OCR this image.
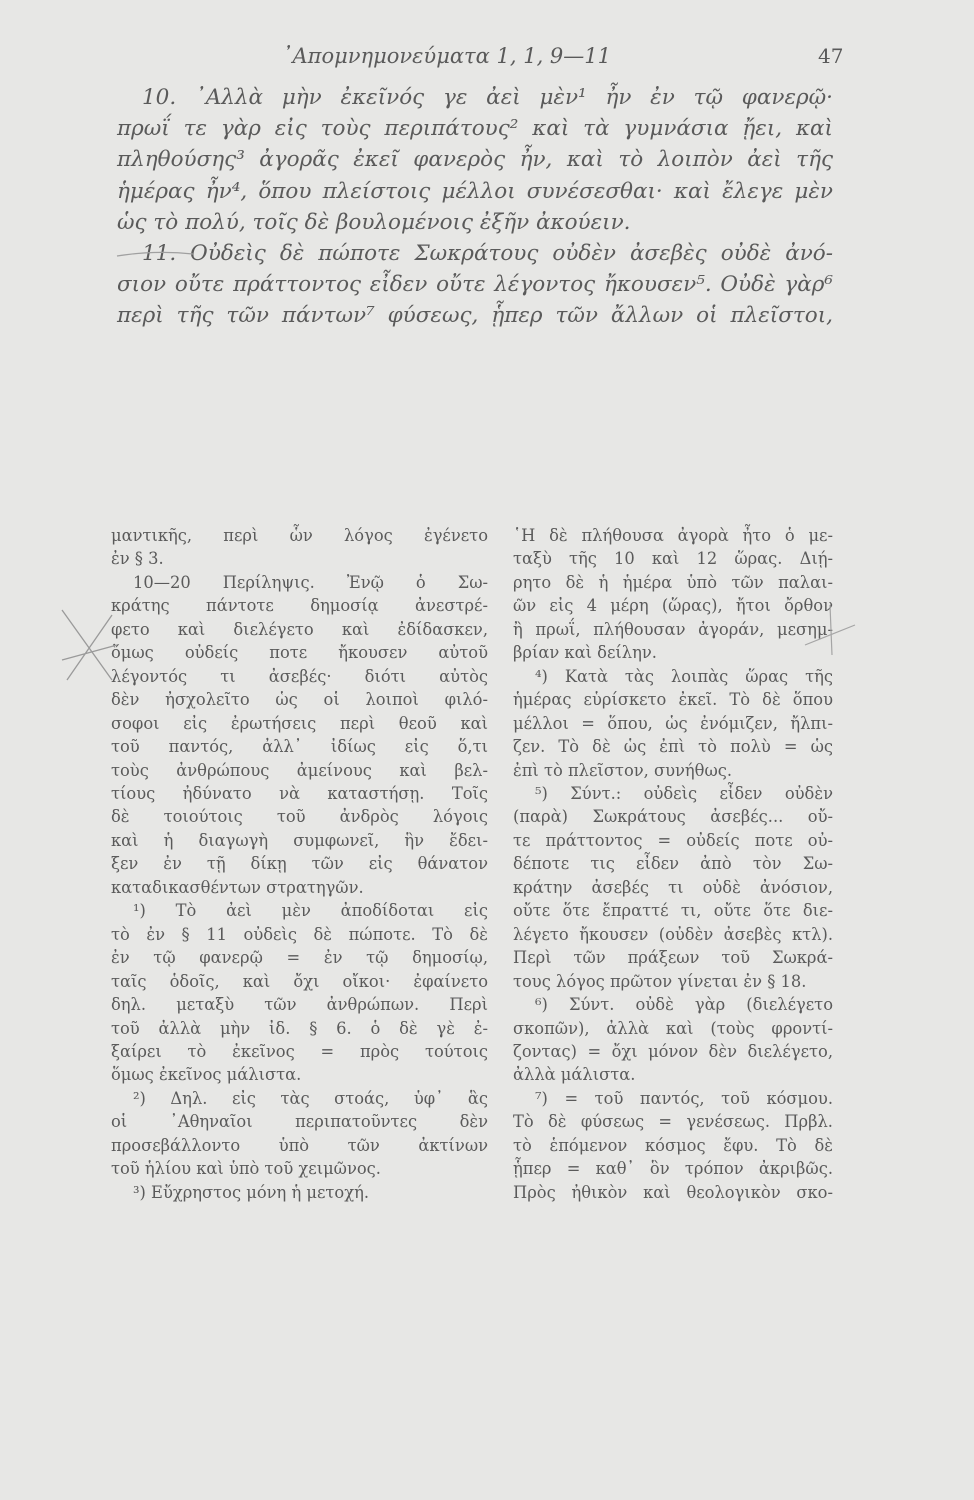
᾿Απομνημονεύματα 1, 1, 9—11	47
10. ᾿Αλλὰ μὴν ἐκεῖνός γε ἀεὶ μὲν¹ ἦν ἐν τῷ φανερῷ·
πρωΐ τε γὰρ εἰς τοὺς περιπάτους² καὶ τὰ γυμνάσια ᾔει, καὶ
πληθούσης³ ἀγορᾶς ἐκεῖ φανερὸς ἦν, καὶ τὸ λοιπὸν ἀεὶ τῆς
ἡμέρας ἦν⁴, ὅπου πλείστοις μέλλοι συνέσεσθαι· καὶ ἔλεγε μὲν
ὡς τὸ πολύ, τοῖς δὲ βουλομένοις ἐξῆν ἀκούειν.
11. Οὐδεὶς δὲ πώποτε Σωκράτους οὐδὲν ἀσεβὲς οὐδὲ ἀνό-
σιον οὔτε πράττοντος εἶδεν οὔτε λέγοντος ἤκουσεν⁵. Οὐδὲ γὰρ⁶
περὶ τῆς τῶν πάντων⁷ φύσεως, ᾗπερ τῶν ἄλλων οἱ πλεῖστοι,
μαντικῆς, περὶ ὧν λόγος ἐγένετο
ἐν § 3.
10—20 Περίληψις. Ἐνῷ ὁ Σω-
κράτης πάντοτε δημοσίᾳ ἀνεστρέ-
φετο καὶ διελέγετο καὶ ἐδίδασκεν,
ὅμως οὐδείς ποτε ἤκουσεν αὐτοῦ
λέγοντός τι ἀσεβές· διότι αὐτὸς
δὲν ἠσχολεῖτο ὡς οἱ λοιποὶ φιλό-
σοφοι εἰς ἐρωτήσεις περὶ θεοῦ καὶ
τοῦ παντός, ἀλλ᾿ ἰδίως εἰς ὅ,τι
τοὺς ἀνθρώπους ἀμείνους καὶ βελ-
τίους ἠδύνατο νὰ καταστήσῃ. Τοῖς
δὲ τοιούτοις τοῦ ἀνδρὸς λόγοις
καὶ ἡ διαγωγὴ συμφωνεῖ, ἣν ἔδει-
ξεν ἐν τῇ δίκῃ τῶν εἰς θάνατον
καταδικασθέντων στρατηγῶν.
¹) Τὸ ἀεὶ μὲν ἀποδίδοται εἰς
τὸ ἐν § 11 οὐδεὶς δὲ πώποτε. Τὸ δὲ
ἐν τῷ φανερῷ = ἐν τῷ δημοσίῳ,
ταῖς ὁδοῖς, καὶ ὄχι οἴκοι· ἐφαίνετο
δηλ. μεταξὺ τῶν ἀνθρώπων. Περὶ
τοῦ ἀλλὰ μὴν ἰδ. § 6. ὁ δὲ γὲ ἐ-
ξαίρει τὸ ἐκεῖνος = πρὸς τούτοις
ὅμως ἐκεῖνος μάλιστα.
²) Δηλ. εἰς τὰς στοάς, ὑφ᾿ ἃς
οἱ ᾿Αθηναῖοι περιπατοῦντες δὲν
προσεβάλλοντο ὑπὸ τῶν ἀκτίνων
τοῦ ἡλίου καὶ ὑπὸ τοῦ χειμῶνος.
³) Εὔχρηστος μόνη ἡ μετοχή.
῾Η δὲ πλήθουσα ἀγορὰ ἦτο ὁ με-
ταξὺ τῆς 10 καὶ 12 ὥρας. Διῄ-
ρητο δὲ ἡ ἡμέρα ὑπὸ τῶν παλαι-
ῶν εἰς 4 μέρη (ὥρας), ἤτοι ὄρθον
ἢ πρωΐ, πλήθουσαν ἀγοράν, μεσημ-
βρίαν καὶ δείλην.
⁴) Κατὰ τὰς λοιπὰς ὥρας τῆς
ἡμέρας εὑρίσκετο ἐκεῖ. Τὸ δὲ ὅπου
μέλλοι = ὅπου, ὡς ἐνόμιζεν, ἤλπι-
ζεν. Τὸ δὲ ὡς ἐπὶ τὸ πολὺ = ὡς
ἐπὶ τὸ πλεῖστον, συνήθως.
⁵) Σύντ.: οὐδεὶς εἶδεν οὐδὲν
(παρὰ) Σωκράτους ἀσεβές... οὔ-
τε πράττοντος = οὐδείς ποτε οὐ-
δέποτε τις εἶδεν ἀπὸ τὸν Σω-
κράτην ἀσεβές τι οὐδὲ ἀνόσιον,
οὔτε ὅτε ἔπραττέ τι, οὔτε ὅτε διε-
λέγετο ἤκουσεν (οὐδὲν ἀσεβὲς κτλ).
Περὶ τῶν πράξεων τοῦ Σωκρά-
τους λόγος πρῶτον γίνεται ἐν § 18.
⁶) Σύντ. οὐδὲ γὰρ (διελέγετο
σκοπῶν), ἀλλὰ καὶ (τοὺς φροντί-
ζοντας) = ὄχι μόνον δὲν διελέγετο,
ἀλλὰ μάλιστα.
⁷) = τοῦ παντός, τοῦ κόσμου.
Τὸ δὲ φύσεως = γενέσεως. Πρβλ.
τὸ ἑπόμενον κόσμος ἔφυ. Τὸ δὲ
ᾗπερ = καθ᾿ ὃν τρόπον ἀκριβῶς.
Πρὸς ἠθικὸν καὶ θεολογικὸν σκο-
